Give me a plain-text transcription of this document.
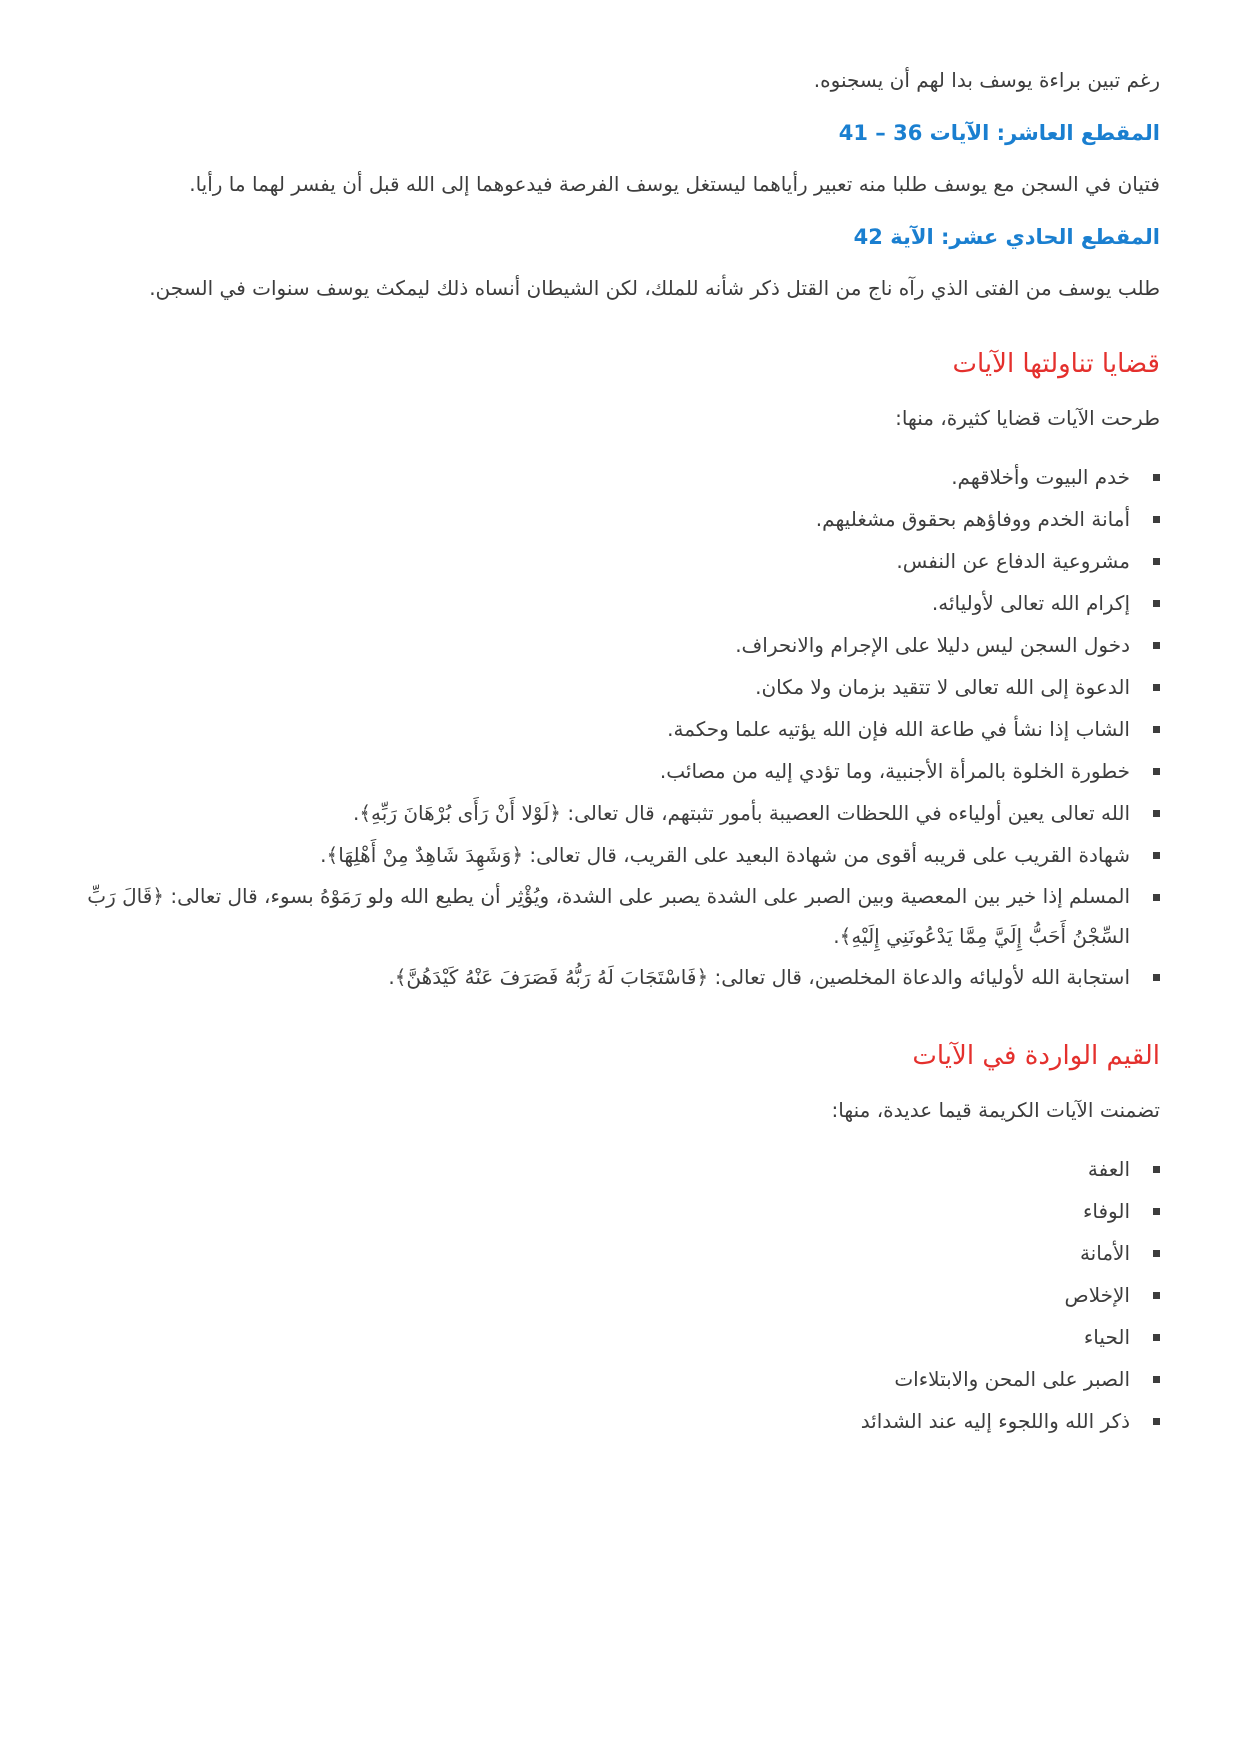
رغم تبين براءة يوسف بدا لهم أن يسجنوه.

المقطع العاشر: الآيات 36 – 41

فتيان في السجن مع يوسف طلبا منه تعبير رأياهما ليستغل يوسف الفرصة فيدعوهما إلى الله قبل أن يفسر لهما ما رأيا.

المقطع الحادي عشر: الآية 42

طلب يوسف من الفتى الذي رآه ناج من القتل ذكر شأنه للملك، لكن الشيطان أنساه ذلك ليمكث يوسف سنوات في السجن.

قضايا تناولتها الآيات

طرحت الآيات قضايا كثيرة، منها:

خدم البيوت وأخلاقهم.
أمانة الخدم ووفاؤهم بحقوق مشغليهم.
مشروعية الدفاع عن النفس.
إكرام الله تعالى لأوليائه.
دخول السجن ليس دليلا على الإجرام والانحراف.
الدعوة إلى الله تعالى لا تتقيد بزمان ولا مكان.
الشاب إذا نشأ في طاعة الله فإن الله يؤتيه علما وحكمة.
خطورة الخلوة بالمرأة الأجنبية، وما تؤدي إليه من مصائب.
الله تعالى يعين أولياءه في اللحظات العصيبة بأمور تثبتهم، قال تعالى: ﴿لَوْلا أَنْ رَأَى بُرْهَانَ رَبِّهِ﴾.
شهادة القريب على قريبه أقوى من شهادة البعيد على القريب، قال تعالى: ﴿وَشَهِدَ شَاهِدٌ مِنْ أَهْلِهَا﴾.
المسلم إذا خير بين المعصية وبين الصبر على الشدة يصبر على الشدة، ويُؤْثِر أن يطيع الله ولو رَمَوْهُ بسوء، قال تعالى: ﴿قَالَ رَبِّ السِّجْنُ أَحَبُّ إِلَيَّ مِمَّا يَدْعُونَنِي إِلَيْهِ﴾.
استجابة الله لأوليائه والدعاة المخلصين، قال تعالى: ﴿فَاسْتَجَابَ لَهُ رَبُّهُ فَصَرَفَ عَنْهُ كَيْدَهُنَّ﴾.
القيم الواردة في الآيات

تضمنت الآيات الكريمة قيما عديدة، منها:

العفة
الوفاء
الأمانة
الإخلاص
الحياء
الصبر على المحن والابتلاءات
ذكر الله واللجوء إليه عند الشدائد
